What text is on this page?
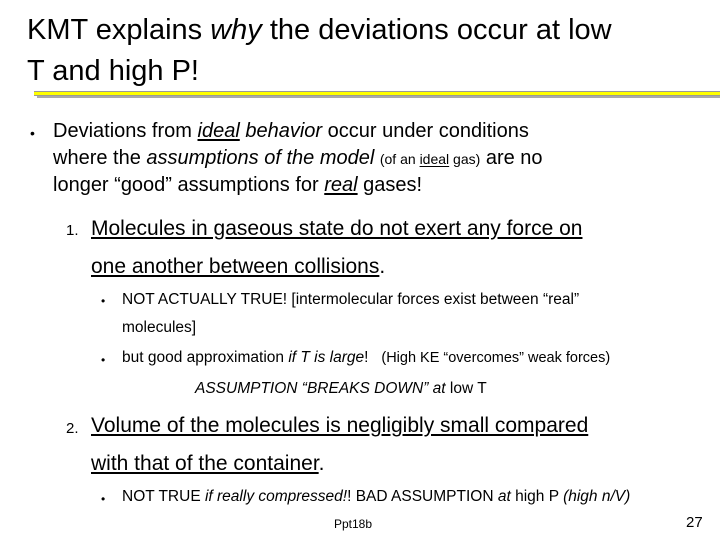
KMT explains why the deviations occur at low
T and high P!
• Deviations from ideal behavior occur under conditions
where the assumptions of the model (of an ideal gas) are no
longer “good” assumptions for real gases!
1. Molecules in gaseous state do not exert any force on
one another between collisions.
• NOT ACTUALLY TRUE! [intermolecular forces exist between “real”
molecules]
• but good approximation if T is large! (High KE “overcomes” weak forces)
ASSUMPTION “BREAKS DOWN” at low T
2. Volume of the molecules is negligibly small compared
with that of the container.
• NOT TRUE if really compressed!! BAD ASSUMPTION at high P (high n/V)
Ppt18b	27
